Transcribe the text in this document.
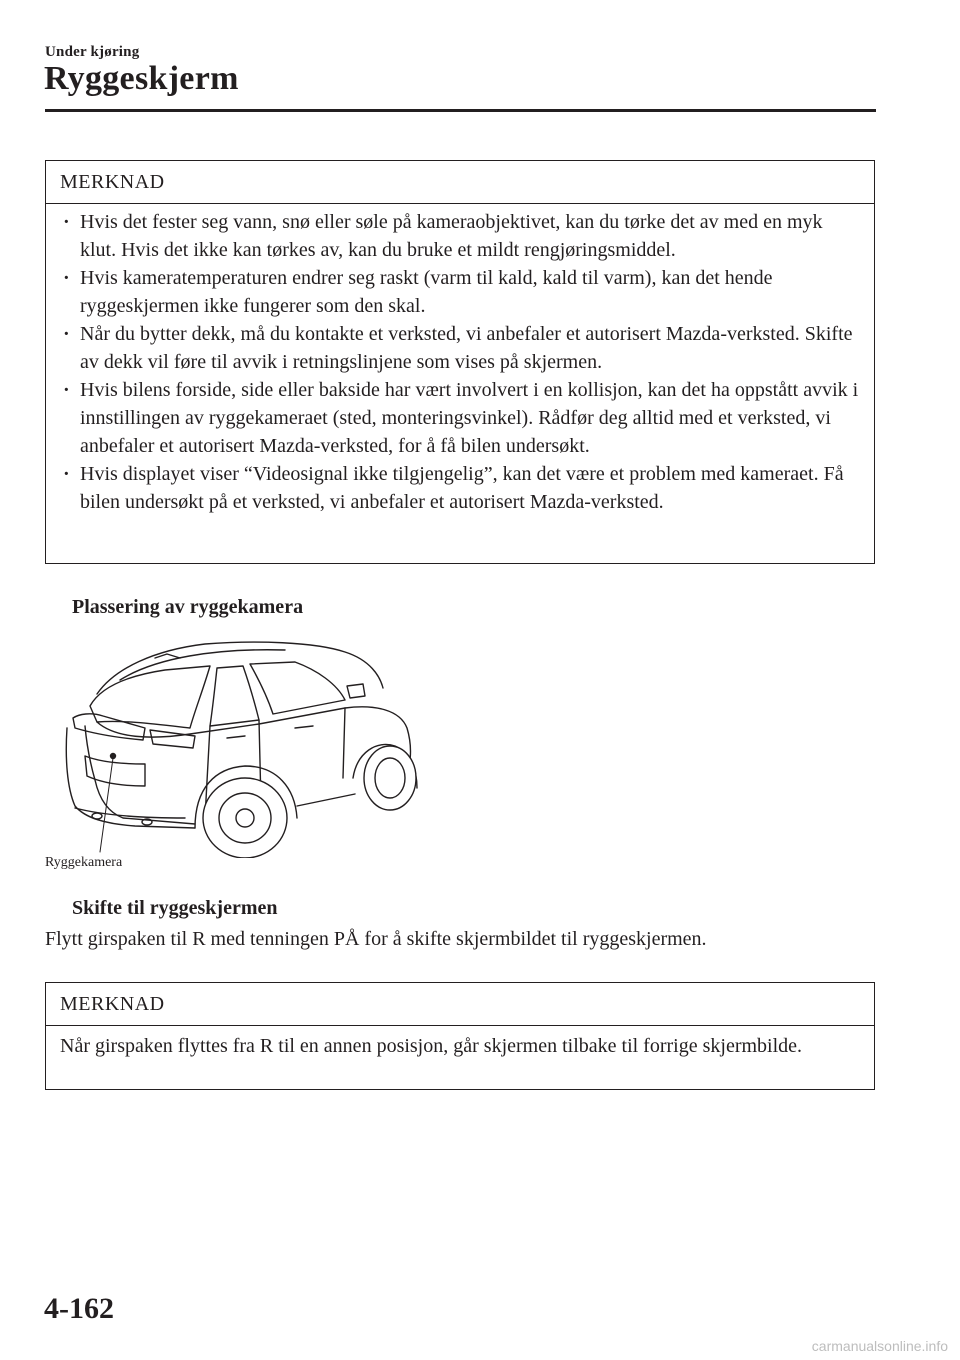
Under kjøring
Ryggeskjerm
MERKNAD
· Hvis det fester seg vann, snø eller søle på kameraobjektivet, kan du tørke det av med en myk klut. Hvis det ikke kan tørkes av, kan du bruke et mildt rengjøringsmiddel.
· Hvis kameratemperaturen endrer seg raskt (varm til kald, kald til varm), kan det hende ryggeskjermen ikke fungerer som den skal.
· Når du bytter dekk, må du kontakte et verksted, vi anbefaler et autorisert Mazda-verksted. Skifte av dekk vil føre til avvik i retningslinjene som vises på skjermen.
· Hvis bilens forside, side eller bakside har vært involvert i en kollisjon, kan det ha oppstått avvik i innstillingen av ryggekameraet (sted, monteringsvinkel). Rådfør deg alltid med et verksted, vi anbefaler et autorisert Mazda-verksted, for å få bilen undersøkt.
· Hvis displayet viser “Videosignal ikke tilgjengelig”, kan det være et problem med kameraet. Få bilen undersøkt på et verksted, vi anbefaler et autorisert Mazda-verksted.
Plassering av ryggekamera
Ryggekamera
Skifte til ryggeskjermen
Flytt girspaken til R med tenningen PÅ for å skifte skjermbildet til ryggeskjermen.
MERKNAD
Når girspaken flyttes fra R til en annen posisjon, går skjermen tilbake til forrige skjermbilde.
4-162
carmanualsonline.info
